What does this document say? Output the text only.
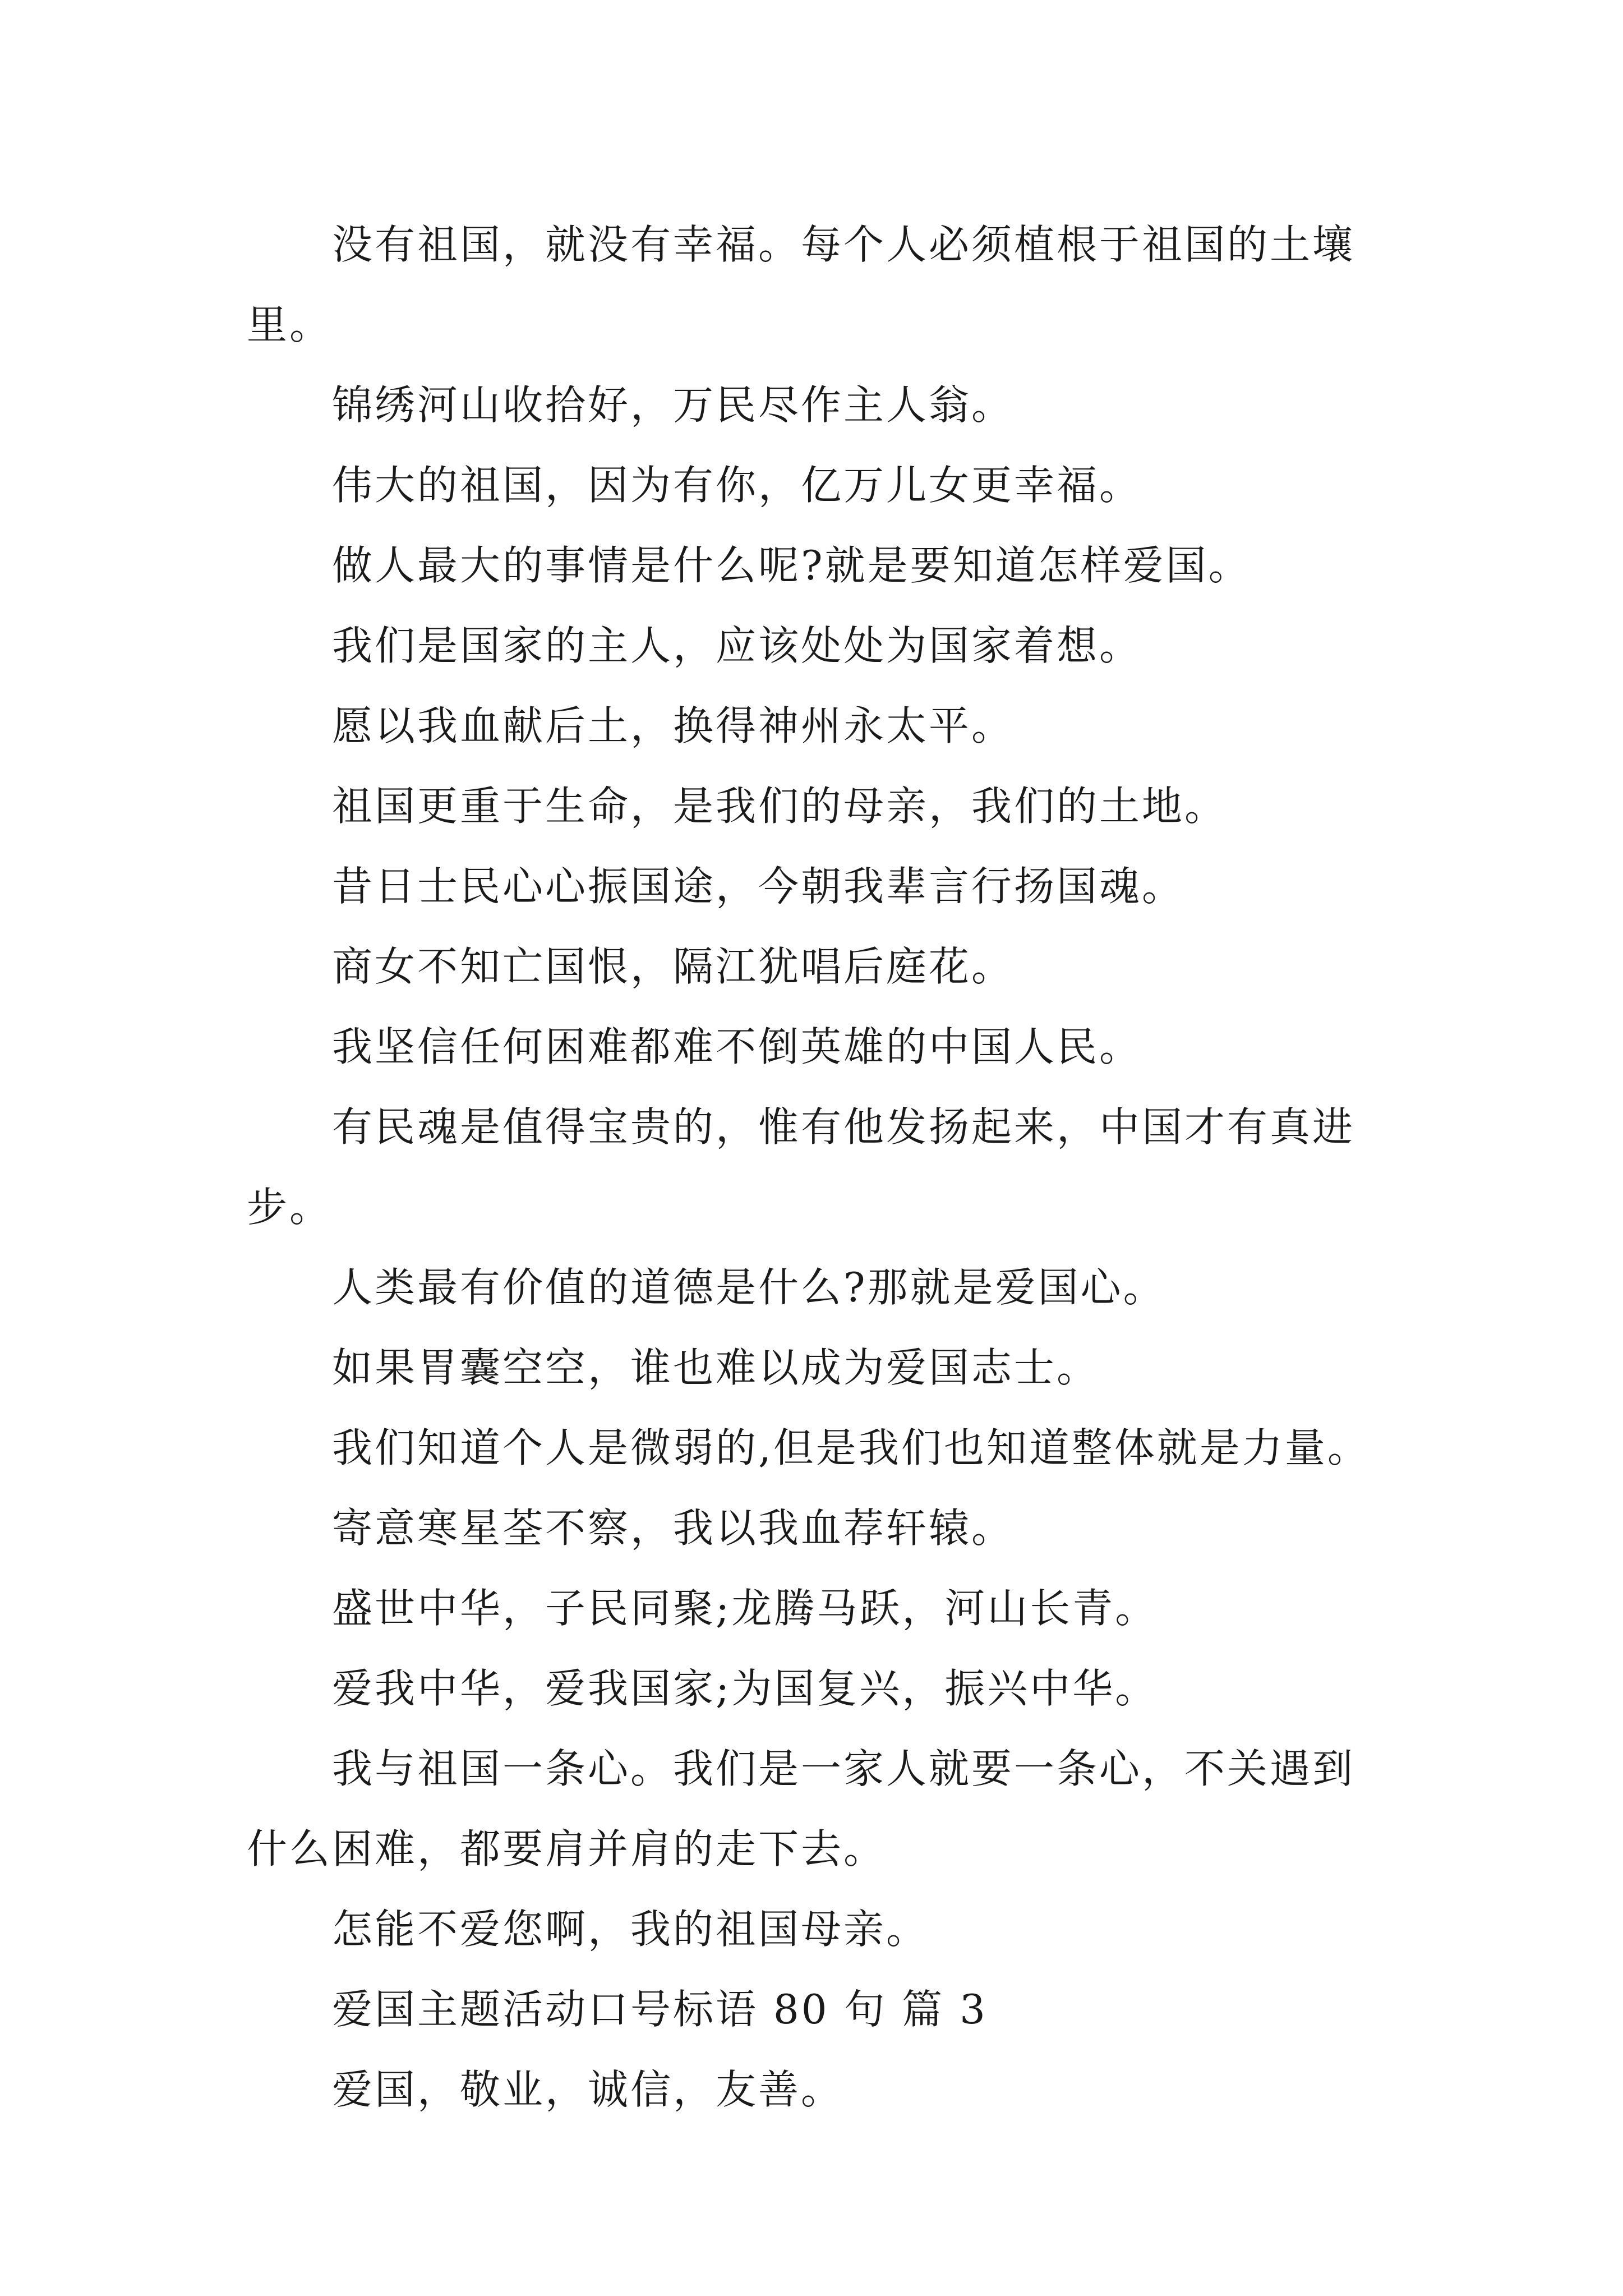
没有祖国，就没有幸福。每个人必须植根于祖国的土壤里。

锦绣河山收拾好，万民尽作主人翁。

伟大的祖国，因为有你，亿万儿女更幸福。

做人最大的事情是什么呢?就是要知道怎样爱国。

我们是国家的主人，应该处处为国家着想。

愿以我血献后土，换得神州永太平。

祖国更重于生命，是我们的母亲，我们的土地。

昔日士民心心振国途，今朝我辈言行扬国魂。

商女不知亡国恨，隔江犹唱后庭花。

我坚信任何困难都难不倒英雄的中国人民。

有民魂是值得宝贵的，惟有他发扬起来，中国才有真进步。

人类最有价值的道德是什么?那就是爱国心。

如果胃囊空空，谁也难以成为爱国志士。

我们知道个人是微弱的,但是我们也知道整体就是力量。

寄意寒星荃不察，我以我血荐轩辕。

盛世中华，子民同聚;龙腾马跃，河山长青。

爱我中华，爱我国家;为国复兴，振兴中华。

我与祖国一条心。我们是一家人就要一条心，不关遇到什么困难，都要肩并肩的走下去。

怎能不爱您啊，我的祖国母亲。

爱国主题活动口号标语 80 句 篇 3

爱国，敬业，诚信，友善。
